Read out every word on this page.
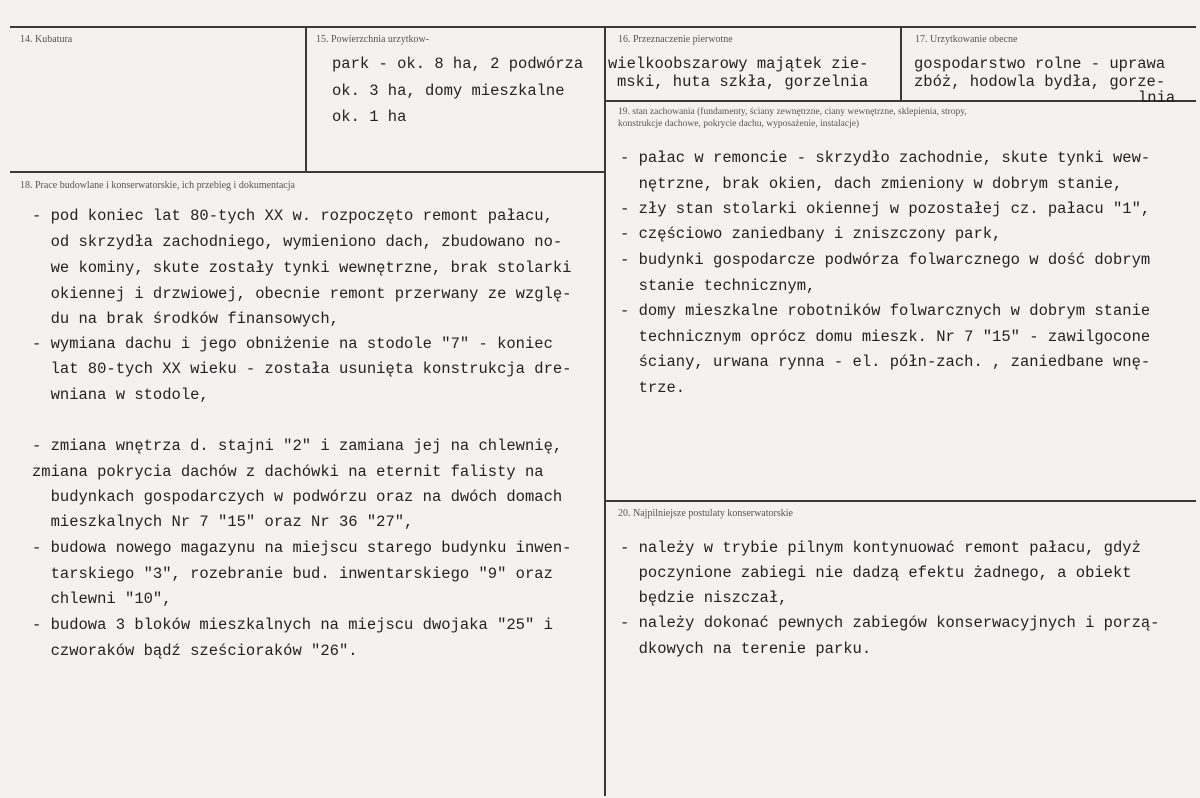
14. Kubatura	15. Powierzchnia urzytkow-
park - ok. 8 ha, 2 podwórza
ok. 3 ha, domy mieszkalne
ok. 1 ha
16. Przeznaczenie pierwotne
wielkoobszarowy majątek zie-
mski, huta szkła, gorzelnia
17. Urzytkowanie obecne
gospodarstwo rolne - uprawa
zbóż, hodowla bydła, gorze-
lnia
18. Prace budowlane i konserwatorskie, ich przebieg i dokumentacja
- pod koniec lat 80-tych XX w. rozpoczęto remont pałacu,
od skrzydła zachodniego, wymieniono dach, zbudowano no-
we kominy, skute zostały tynki wewnętrzne, brak stolarki
okiennej i drzwiowej, obecnie remont przerwany ze wzglę-
du na brak środków finansowych,
- wymiana dachu i jego obniżenie na stodole "7" - koniec
lat 80-tych XX wieku - została usunięta konstrukcja dre-
wniana w stodole,
- zmiana wnętrza d. stajni "2" i zamiana jej na chlewnię,
zmiana pokrycia dachów z dachówki na eternit falisty na
budynkach gospodarczych w podwórzu oraz na dwóch domach
mieszkalnych Nr 7 "15" oraz Nr 36 "27",
- budowa nowego magazynu na miejscu starego budynku inwen-
tarskiego "3", rozebranie bud. inwentarskiego "9" oraz
chlewni "10",
- budowa 3 bloków mieszkalnych na miejscu dwojaka "25" i
czworaków bądź sześcioraków "26".
19. stan zachowania (fundamenty, ściany zewnętrzne, ciany wewnętrzne, sklepienia, stropy,
konstrukcje dachowe, pokrycie dachu, wyposażenie, instalacje)
- pałac w remoncie - skrzydło zachodnie, skute tynki wew-
nętrzne, brak okien, dach zmieniony w dobrym stanie,
- zły stan stolarki okiennej w pozostałej cz. pałacu "1",
- częściowo zaniedbany i zniszczony park,
- budynki gospodarcze podwórza folwarcznego w dość dobrym
stanie technicznym,
- domy mieszkalne robotników folwarcznych w dobrym stanie
technicznym oprócz domu mieszk. Nr 7 "15" - zawilgocone
ściany, urwana rynna - el. półn-zach. , zaniedbane wnę-
trze.
20. Najpilniejsze postulaty konserwatorskie
- należy w trybie pilnym kontynuować remont pałacu, gdyż
poczynione zabiegi nie dadzą efektu żadnego, a obiekt
będzie niszczał,
- należy dokonać pewnych zabiegów konserwacyjnych i porzą-
dkowych na terenie parku.
